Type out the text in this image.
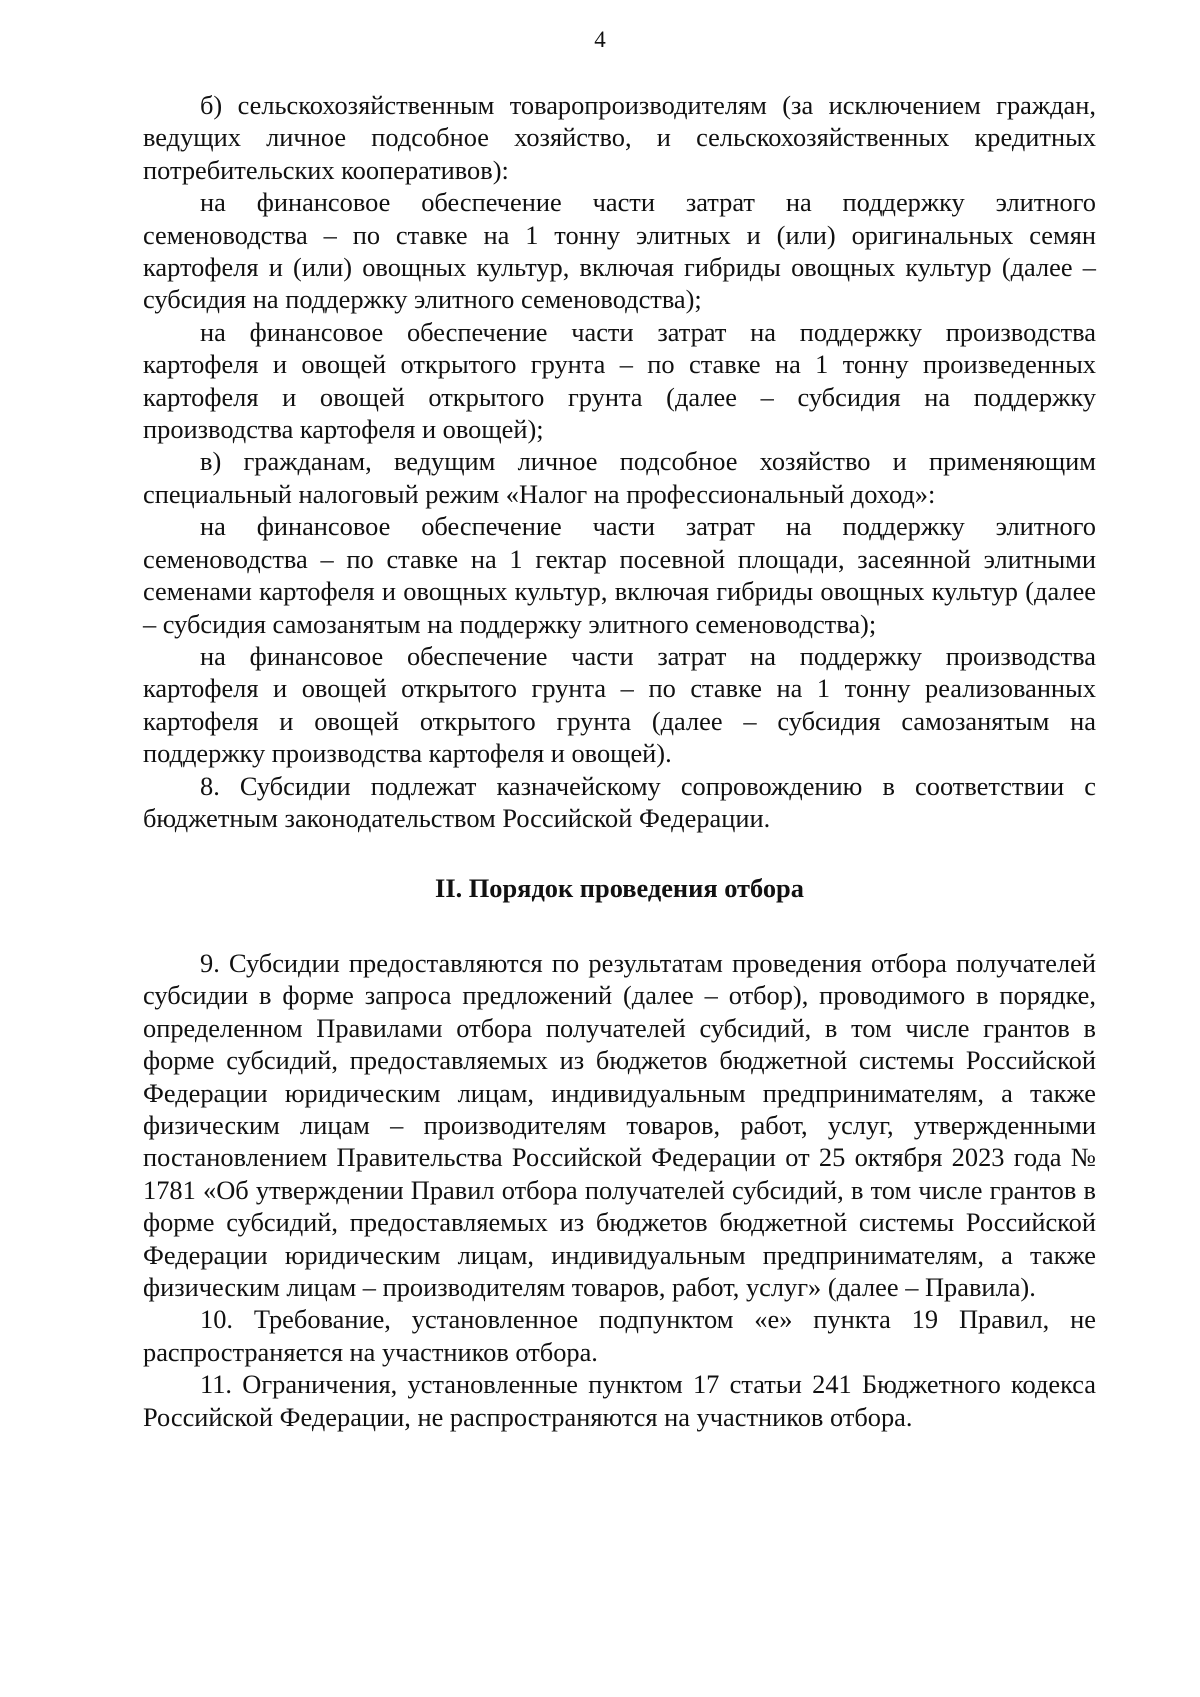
4

б) сельскохозяйственным товаропроизводителям (за исключением граждан, ведущих личное подсобное хозяйство, и сельскохозяйственных кредитных потребительских кооперативов):

на финансовое обеспечение части затрат на поддержку элитного семеноводства – по ставке на 1 тонну элитных и (или) оригинальных семян картофеля и (или) овощных культур, включая гибриды овощных культур (далее – субсидия на поддержку элитного семеноводства);

на финансовое обеспечение части затрат на поддержку производства картофеля и овощей открытого грунта – по ставке на 1 тонну произведенных картофеля и овощей открытого грунта (далее – субсидия на поддержку производства картофеля и овощей);

в) гражданам, ведущим личное подсобное хозяйство и применяющим специальный налоговый режим «Налог на профессиональный доход»:

на финансовое обеспечение части затрат на поддержку элитного семеноводства – по ставке на 1 гектар посевной площади, засеянной элитными семенами картофеля и овощных культур, включая гибриды овощных культур (далее – субсидия самозанятым на поддержку элитного семеноводства);

на финансовое обеспечение части затрат на поддержку производства картофеля и овощей открытого грунта – по ставке на 1 тонну реализованных картофеля и овощей открытого грунта (далее – субсидия самозанятым на поддержку производства картофеля и овощей).

8. Субсидии подлежат казначейскому сопровождению в соответствии с бюджетным законодательством Российской Федерации.

II. Порядок проведения отбора

9. Субсидии предоставляются по результатам проведения отбора получателей субсидии в форме запроса предложений (далее – отбор), проводимого в порядке, определенном Правилами отбора получателей субсидий, в том числе грантов в форме субсидий, предоставляемых из бюджетов бюджетной системы Российской Федерации юридическим лицам, индивидуальным предпринимателям, а также физическим лицам – производителям товаров, работ, услуг, утвержденными постановлением Правительства Российской Федерации от 25 октября 2023 года № 1781 «Об утверждении Правил отбора получателей субсидий, в том числе грантов в форме субсидий, предоставляемых из бюджетов бюджетной системы Российской Федерации юридическим лицам, индивидуальным предпринимателям, а также физическим лицам – производителям товаров, работ, услуг» (далее – Правила).

10. Требование, установленное подпунктом «е» пункта 19 Правил, не распространяется на участников отбора.

11. Ограничения, установленные пунктом 17 статьи 241 Бюджетного кодекса Российской Федерации, не распространяются на участников отбора.
